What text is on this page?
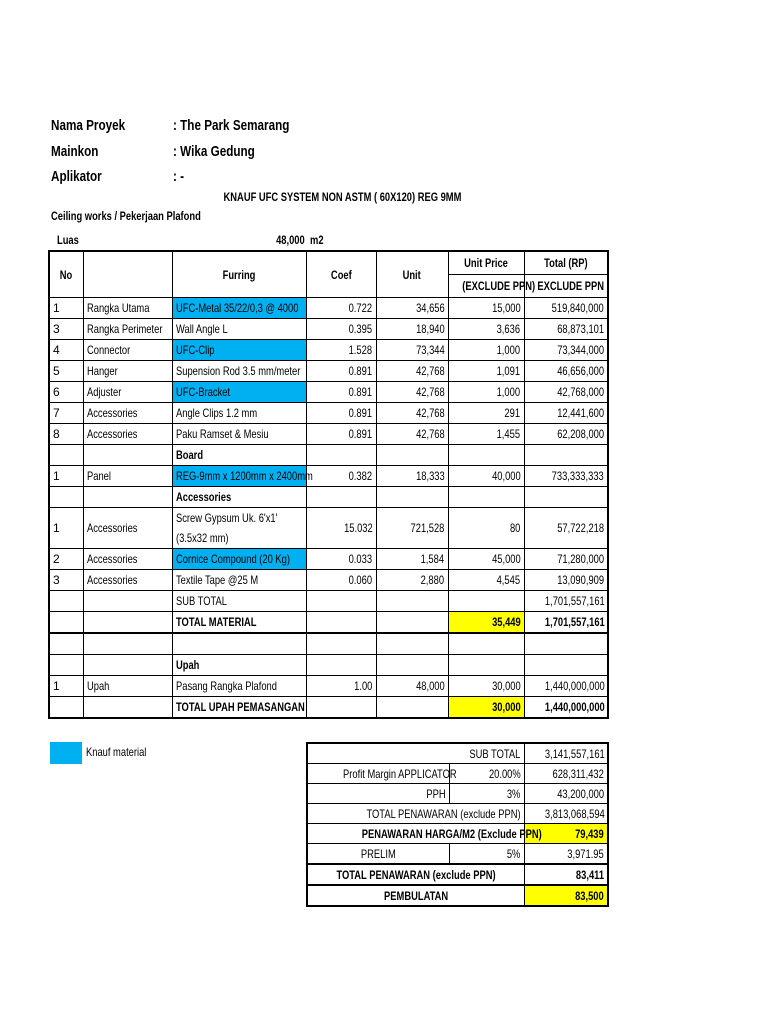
Nama Proyek	: The Park Semarang
Mainkon	: Wika Gedung
Aplikator	: -
KNAUF UFC SYSTEM NON ASTM ( 60X120) REG 9MM
Ceiling works / Pekerjaan Plafond
Luas	48,000 m2
No		Furring	Coef	Unit	Unit Price	Total (RP)
					(EXCLUDE PPN)	EXCLUDE PPN
1	Rangka Utama	UFC-Metal 35/22/0,3 @ 4000	0.722	34,656	15,000	519,840,000
3	Rangka Perimeter	Wall Angle L	0.395	18,940	3,636	68,873,101
4	Connector	UFC-Clip	1.528	73,344	1,000	73,344,000
5	Hanger	Supension Rod 3.5 mm/meter	0.891	42,768	1,091	46,656,000
6	Adjuster	UFC-Bracket	0.891	42,768	1,000	42,768,000
7	Accessories	Angle Clips 1.2 mm	0.891	42,768	291	12,441,600
8	Accessories	Paku Ramset & Mesiu	0.891	42,768	1,455	62,208,000
		Board				
1	Panel	REG-9mm x 1200mm x 2400mm	0.382	18,333	40,000	733,333,333
		Accessories				
1	Accessories	Screw Gypsum Uk. 6'x1' (3.5x32 mm)	15.032	721,528	80	57,722,218
2	Accessories	Cornice Compound (20 Kg)	0.033	1,584	45,000	71,280,000
3	Accessories	Textile Tape @25 M	0.060	2,880	4,545	13,090,909
		SUB TOTAL				1,701,557,161
		TOTAL MATERIAL			35,449	1,701,557,161

		Upah				
1	Upah	Pasang Rangka Plafond	1.00	48,000	30,000	1,440,000,000
		TOTAL UPAH PEMASANGAN			30,000	1,440,000,000
Knauf material	SUB TOTAL		3,141,557,161
Profit Margin APPLICATOR	20.00%	628,311,432
PPH	3%	43,200,000
TOTAL PENAWARAN (exclude PPN)		3,813,068,594
PENAWARAN HARGA/M2 (Exclude PPN)		79,439
PRELIM	5%	3,971.95
TOTAL PENAWARAN (exclude PPN)		83,411
PEMBULATAN		83,500
